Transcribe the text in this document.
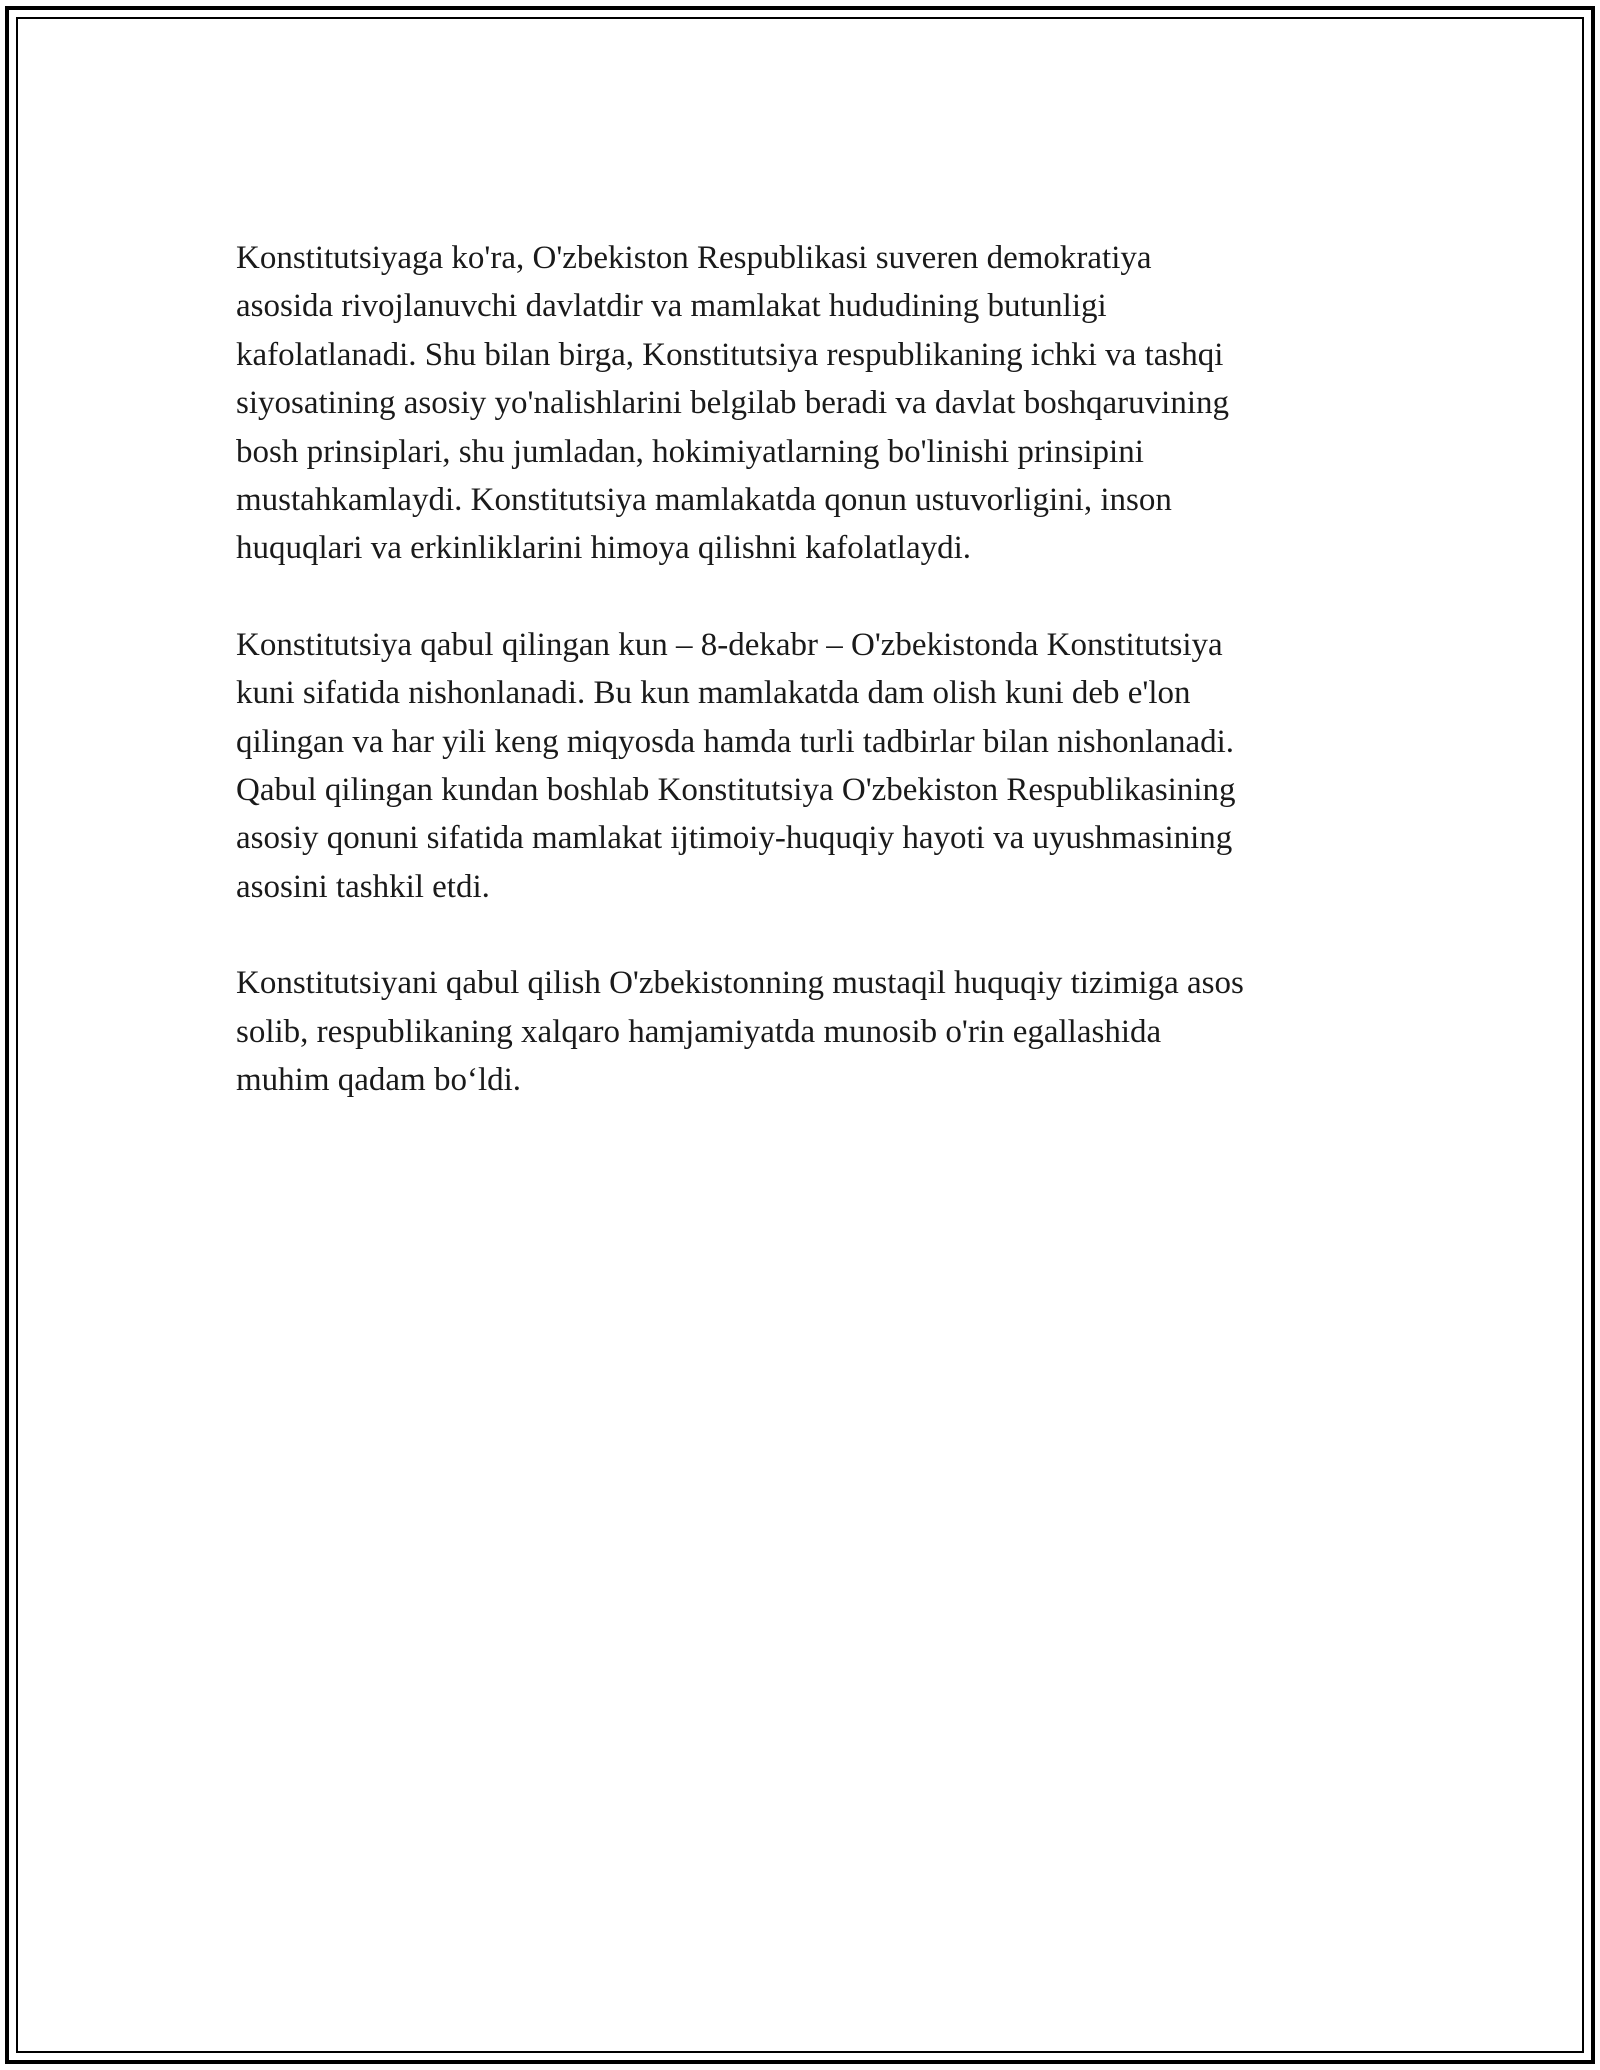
Konstitutsiyaga ko'ra, O'zbekiston Respublikasi suveren demokratiya
asosida rivojlanuvchi davlatdir va mamlakat hududining butunligi
kafolatlanadi. Shu bilan birga, Konstitutsiya respublikaning ichki va tashqi
siyosatining asosiy yo'nalishlarini belgilab beradi va davlat boshqaruvining
bosh prinsiplari, shu jumladan, hokimiyatlarning bo'linishi prinsipini
mustahkamlaydi. Konstitutsiya mamlakatda qonun ustuvorligini, inson
huquqlari va erkinliklarini himoya qilishni kafolatlaydi.

Konstitutsiya qabul qilingan kun – 8-dekabr – O'zbekistonda Konstitutsiya
kuni sifatida nishonlanadi. Bu kun mamlakatda dam olish kuni deb e'lon
qilingan va har yili keng miqyosda hamda turli tadbirlar bilan nishonlanadi.
Qabul qilingan kundan boshlab Konstitutsiya O'zbekiston Respublikasining
asosiy qonuni sifatida mamlakat ijtimoiy-huquqiy hayoti va uyushmasining
asosini tashkil etdi.

Konstitutsiyani qabul qilish O'zbekistonning mustaqil huquqiy tizimiga asos
solib, respublikaning xalqaro hamjamiyatda munosib o'rin egallashida
muhim qadam bo‘ldi.
